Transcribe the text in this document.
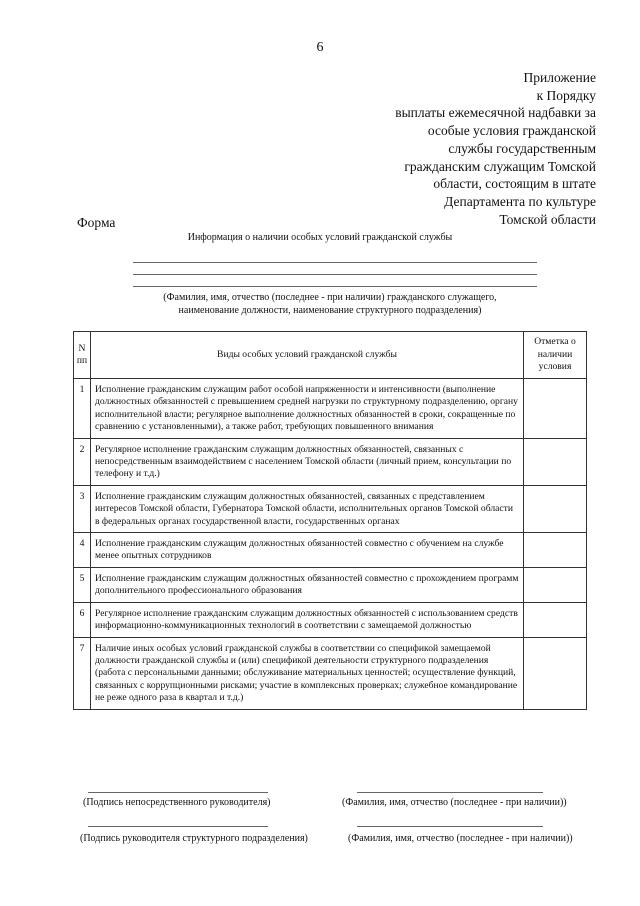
6
Приложение
к Порядку
выплаты ежемесячной надбавки за
особые условия гражданской
службы государственным
гражданским служащим Томской
области, состоящим в штате
Департамента по культуре
Томской области
Форма
Информация о наличии особых условий гражданской службы
(Фамилия, имя, отчество (последнее - при наличии) гражданского служащего,
наименование должности, наименование структурного подразделения)
N пп	Виды особых условий гражданской службы	Отметка о наличии условия
1	Исполнение гражданским служащим работ особой напряженности и интенсивности (выполнение должностных обязанностей с превышением средней нагрузки по структурному подразделению, органу исполнительной власти; регулярное выполнение должностных обязанностей в сроки, сокращенные по сравнению с установленными), а также работ, требующих повышенного внимания	
2	Регулярное исполнение гражданским служащим должностных обязанностей, связанных с непосредственным взаимодействием с населением Томской области (личный прием, консультации по телефону и т.д.)	
3	Исполнение гражданским служащим должностных обязанностей, связанных с представлением интересов Томской области, Губернатора Томской области, исполнительных органов Томской области в федеральных органах государственной власти, государственных органах	
4	Исполнение гражданским служащим должностных обязанностей совместно с обучением на службе менее опытных сотрудников	
5	Исполнение гражданским служащим должностных обязанностей совместно с прохождением программ дополнительного профессионального образования	
6	Регулярное исполнение гражданским служащим должностных обязанностей с использованием средств информационно-коммуникационных технологий в соответствии с замещаемой должностью	
7	Наличие иных особых условий гражданской службы в соответствии со спецификой замещаемой должности гражданской службы и (или) спецификой деятельности структурного подразделения (работа с персональными данными; обслуживание материальных ценностей; осуществление функций, связанных с коррупционными рисками; участие в комплексных проверках; служебное командирование не реже одного раза в квартал и т.д.)	
(Подпись непосредственного руководителя)	(Фамилия, имя, отчество (последнее - при наличии))
(Подпись руководителя структурного подразделения)	(Фамилия, имя, отчество (последнее - при наличии))
